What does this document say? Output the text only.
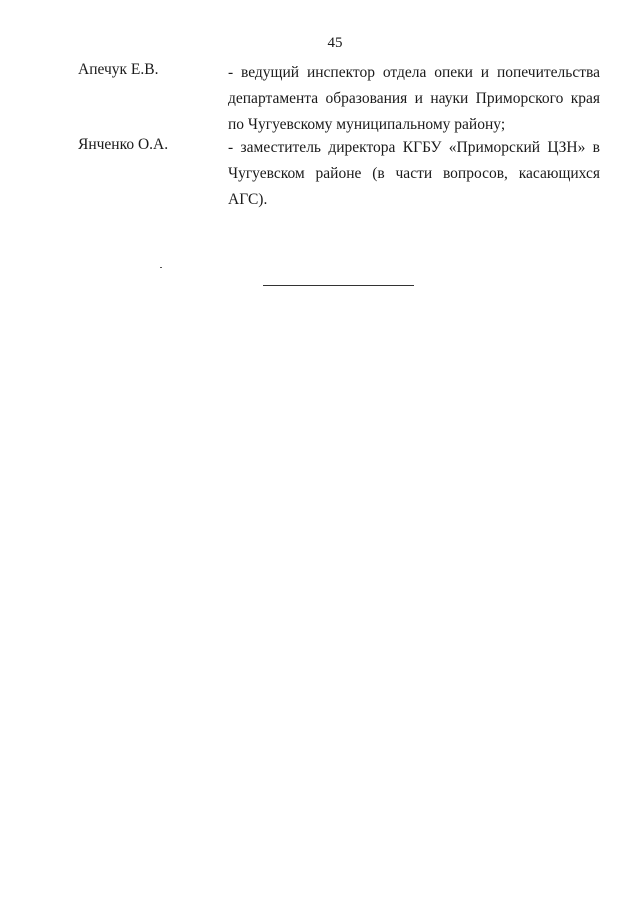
45
Апечук Е.В.	- ведущий инспектор отдела опеки и попечительства департамента образования и науки Приморского края по Чугуевскому муниципальному району;

Янченко О.А.	- заместитель директора КГБУ «Приморский ЦЗН» в Чугуевском районе (в части вопросов, касающихся АГС).
